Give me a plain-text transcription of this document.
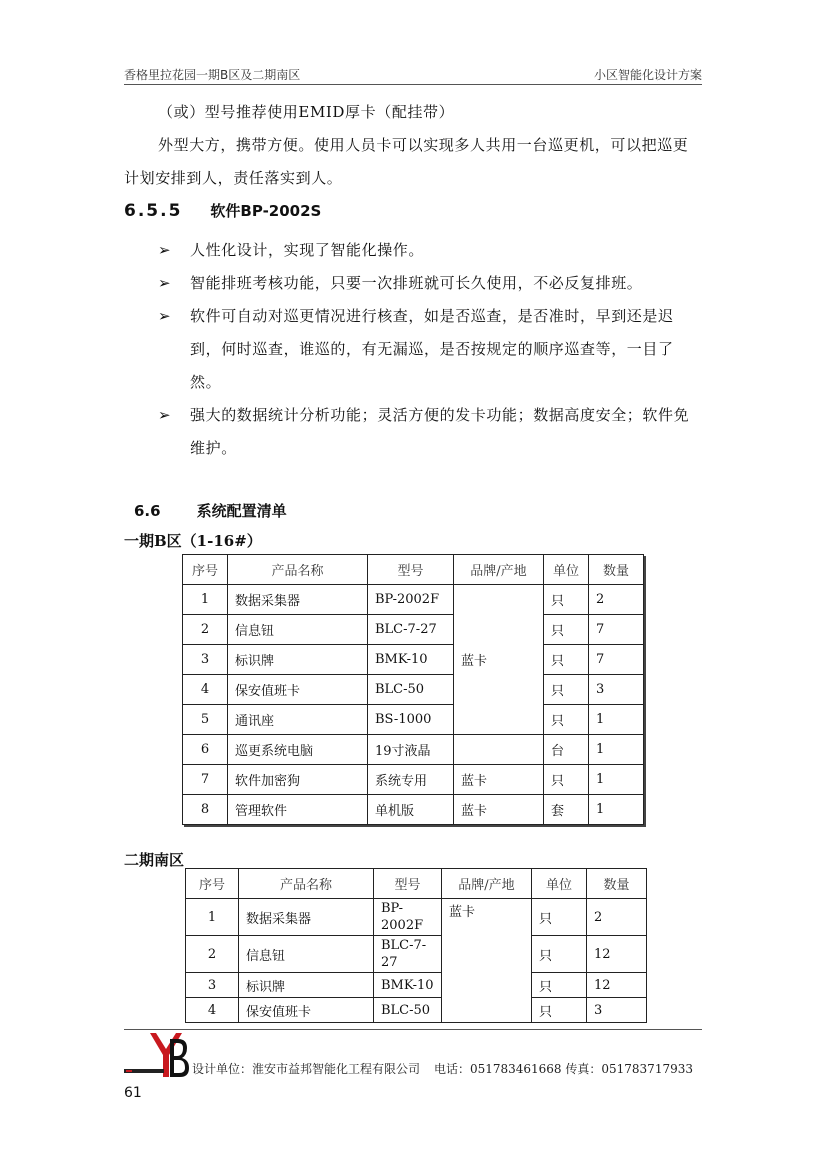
香格里拉花园一期B区及二期南区	小区智能化设计方案
（或）型号推荐使用EMID厚卡（配挂带）
外型大方，携带方便。使用人员卡可以实现多人共用一台巡更机，可以把巡更计划安排到人，责任落实到人。
6.5.5 软件BP-2002S
➢ 人性化设计，实现了智能化操作。
➢ 智能排班考核功能，只要一次排班就可长久使用，不必反复排班。
➢ 软件可自动对巡更情况进行核查，如是否巡查，是否准时，早到还是迟到，何时巡查，谁巡的，有无漏巡，是否按规定的顺序巡查等，一目了然。
➢ 强大的数据统计分析功能；灵活方便的发卡功能；数据高度安全；软件免维护。
6.6 系统配置清单
一期B区（1-16#）
序号	产品名称	型号	品牌/产地	单位	数量
1	数据采集器	BP-2002F	蓝卡	只	2
2	信息钮	BLC-7-27		只	7
3	标识牌	BMK-10		只	7
4	保安值班卡	BLC-50		只	3
5	通讯座	BS-1000		只	1
6	巡更系统电脑	19寸液晶		台	1
7	软件加密狗	系统专用	蓝卡	只	1
8	管理软件	单机版	蓝卡	套	1
二期南区
序号	产品名称	型号	品牌/产地	单位	数量
1	数据采集器	BP-2002F	蓝卡	只	2
2	信息钮	BLC-7-27		只	12
3	标识牌	BMK-10		只	12
4	保安值班卡	BLC-50		只	3
设计单位：淮安市益邦智能化工程有限公司 电话：051783461668 传真：051783717933
61
